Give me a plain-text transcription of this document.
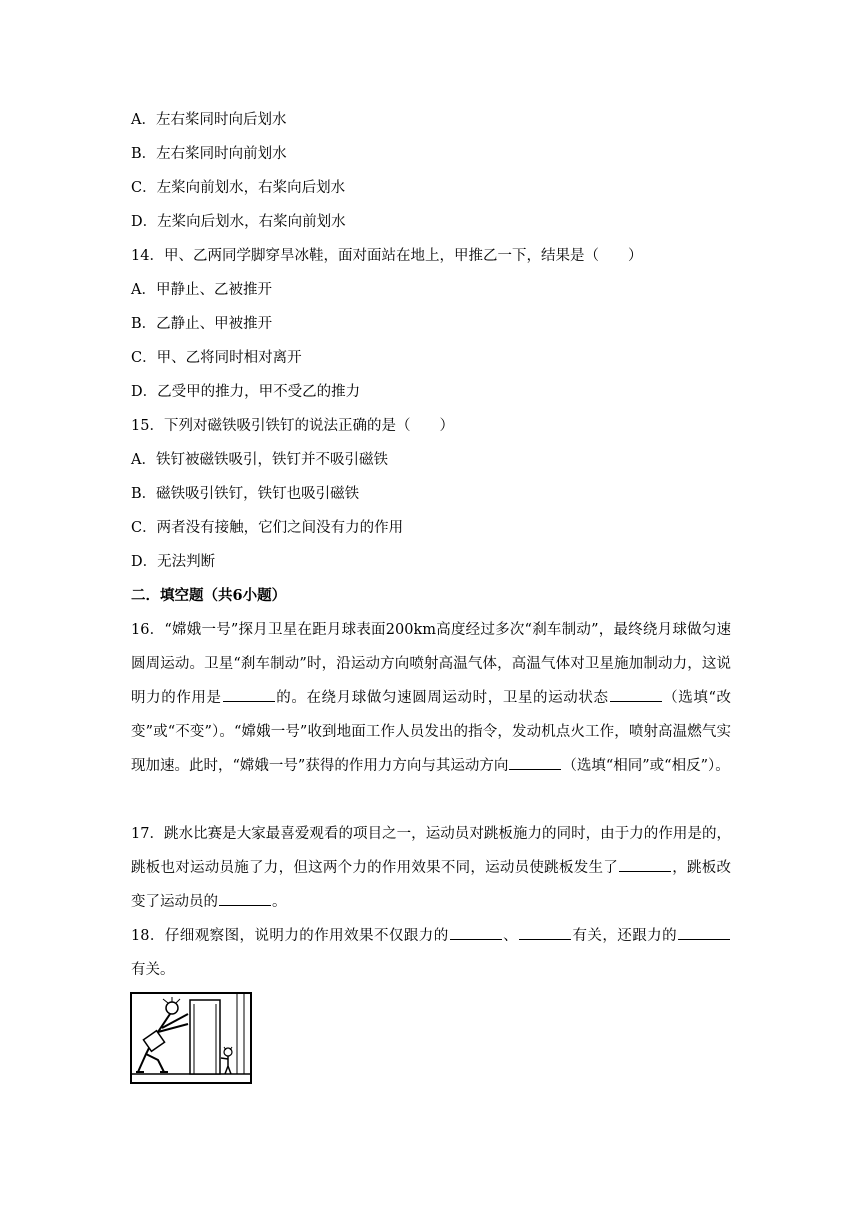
A．左右桨同时向后划水
B．左右桨同时向前划水
C．左桨向前划水，右桨向后划水
D．左桨向后划水，右桨向前划水
14．甲、乙两同学脚穿旱冰鞋，面对面站在地上，甲推乙一下，结果是（　　）
A．甲静止、乙被推开
B．乙静止、甲被推开
C．甲、乙将同时相对离开
D．乙受甲的推力，甲不受乙的推力
15．下列对磁铁吸引铁钉的说法正确的是（　　）
A．铁钉被磁铁吸引，铁钉并不吸引磁铁
B．磁铁吸引铁钉，铁钉也吸引磁铁
C．两者没有接触，它们之间没有力的作用
D．无法判断
二．填空题（共6小题）

16．“嫦娥一号”探月卫星在距月球表面200km高度经过多次“刹车制动”，最终绕月球做匀速圆周运动。卫星“刹车制动”时，沿运动方向喷射高温气体，高温气体对卫星施加制动力，这说明力的作用是	的。在绕月球做匀速圆周运动时，卫星的运动状态	（选填“改变”或“不变”）。“嫦娥一号”收到地面工作人员发出的指令，发动机点火工作，喷射高温燃气实现加速。此时，“嫦娥一号”获得的作用力方向与其运动方向	（选填“相同”或“相反”）。

17．跳水比赛是大家最喜爱观看的项目之一，运动员对跳板施力的同时，由于力的作用是的，跳板也对运动员施了力，但这两个力的作用效果不同，运动员使跳板发生了	，跳板改变了运动员的	。

18．仔细观察图，说明力的作用效果不仅跟力的	、	有关，还跟力的有关。
